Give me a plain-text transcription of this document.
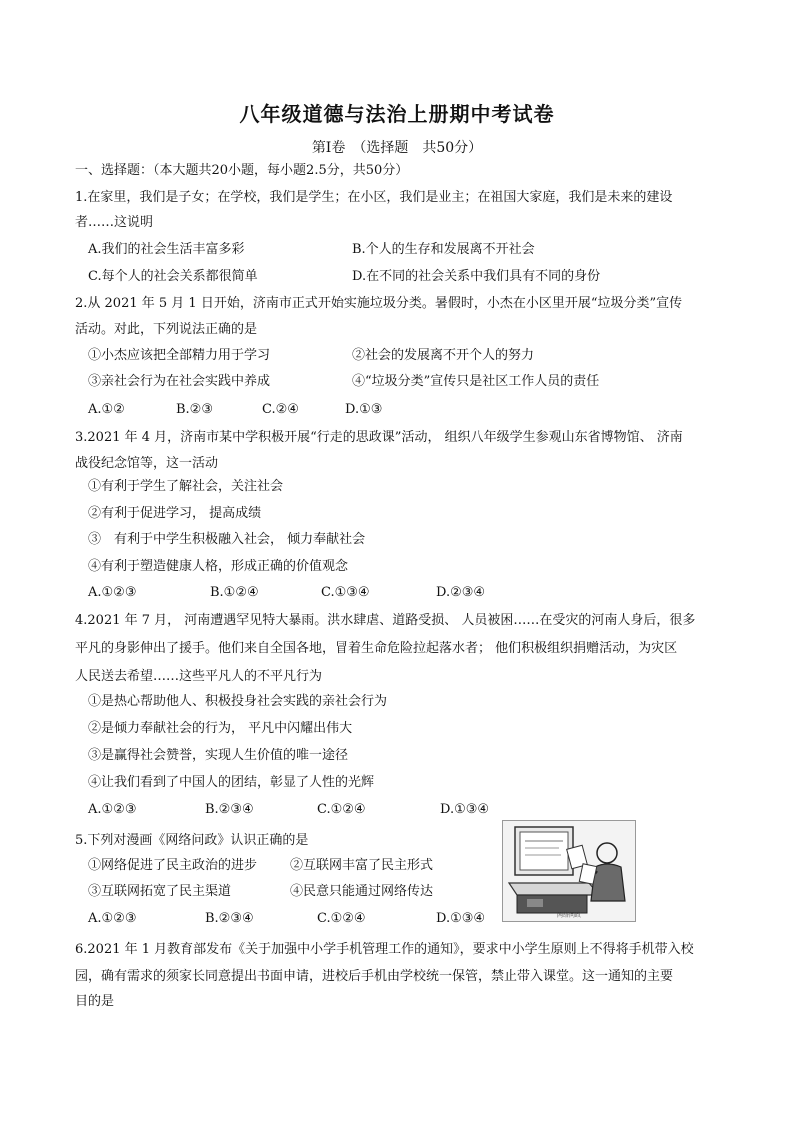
八年级道德与法治上册期中考试卷
第Ⅰ卷　（选择题　共50分）
一、选择题：（本大题共20小题，每小题2.5分，共50分）
1.在家里，我们是子女；在学校，我们是学生；在小区，我们是业主；在祖国大家庭，我们是未来的建设
者……这说明
A.我们的社会生活丰富多彩	B.个人的生存和发展离不开社会
C.每个人的社会关系都很简单	D.在不同的社会关系中我们具有不同的身份
2.从 2021 年 5 月 1 日开始，济南市正式开始实施垃圾分类。暑假时，小杰在小区里开展“垃圾分类”宣传
活动。对此，下列说法正确的是
①小杰应该把全部精力用于学习	②社会的发展离不开个人的努力
③亲社会行为在社会实践中养成	④“垃圾分类”宣传只是社区工作人员的责任
A.①②	B.②③	C.②④	D.①③
3.2021 年 4 月，济南市某中学积极开展“行走的思政课”活动， 组织八年级学生参观山东省博物馆、 济南
战役纪念馆等，这一活动
①有利于学生了解社会，关注社会
②有利于促进学习， 提高成绩
③　有利于中学生积极融入社会， 倾力奉献社会
④有利于塑造健康人格，形成正确的价值观念
A.①②③	B.①②④	C.①③④	D.②③④
4.2021 年 7 月， 河南遭遇罕见特大暴雨。洪水肆虐、道路受损、 人员被困……在受灾的河南人身后，很多
平凡的身影伸出了援手。他们来自全国各地，冒着生命危险拉起落水者； 他们积极组织捐赠活动，为灾区
人民送去希望……这些平凡人的不平凡行为
①是热心帮助他人、积极投身社会实践的亲社会行为
②是倾力奉献社会的行为， 平凡中闪耀出伟大
③是赢得社会赞誉，实现人生价值的唯一途径
④让我们看到了中国人的团结，彰显了人性的光辉
A.①②③	B.②③④	C.①②④	D.①③④
5.下列对漫画《网络问政》认识正确的是
①网络促进了民主政治的进步	②互联网丰富了民主形式
③互联网拓宽了民主渠道	④民意只能通过网络传达
A.①②③	B.②③④	C.①②④	D.①③④	网络问政
6.2021 年 1 月教育部发布《关于加强中小学手机管理工作的通知》，要求中小学生原则上不得将手机带入校
园，确有需求的须家长同意提出书面申请，进校后手机由学校统一保管，禁止带入课堂。这一通知的主要
目的是
